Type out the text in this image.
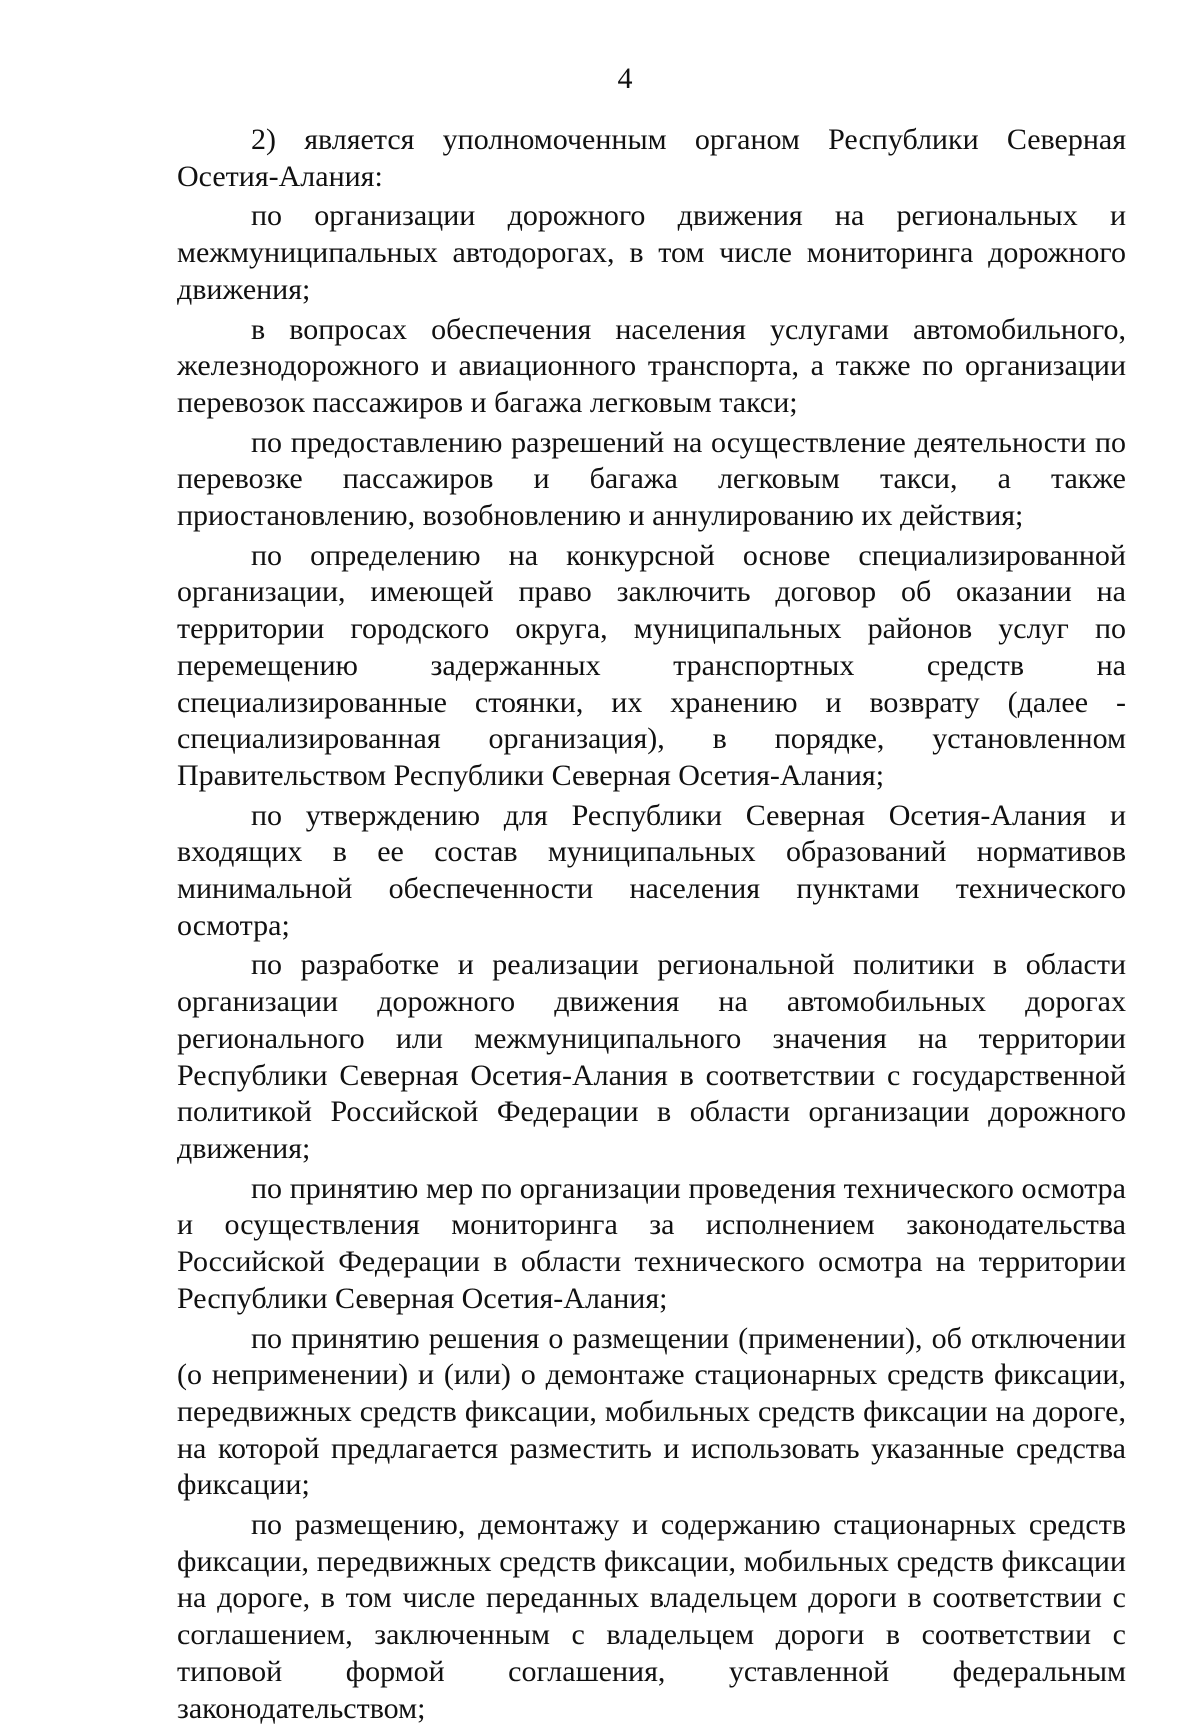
4

2) является уполномоченным органом Республики Северная Осетия-Алания:

по организации дорожного движения на региональных и межмуниципальных автодорогах, в том числе мониторинга дорожного движения;

в вопросах обеспечения населения услугами автомобильного, железнодорожного и авиационного транспорта, а также по организации перевозок пассажиров и багажа легковым такси;

по предоставлению разрешений на осуществление деятельности по перевозке пассажиров и багажа легковым такси, а также приостановлению, возобновлению и аннулированию их действия;

по определению на конкурсной основе специализированной организации, имеющей право заключить договор об оказании на территории городского округа, муниципальных районов услуг по перемещению задержанных транспортных средств на специализированные стоянки, их хранению и возврату (далее - специализированная организация), в порядке, установленном Правительством Республики Северная Осетия-Алания;

по утверждению для Республики Северная Осетия-Алания и входящих в ее состав муниципальных образований нормативов минимальной обеспеченности населения пунктами технического осмотра;

по разработке и реализации региональной политики в области организации дорожного движения на автомобильных дорогах регионального или межмуниципального значения на территории Республики Северная Осетия-Алания в соответствии с государственной политикой Российской Федерации в области организации дорожного движения;

по принятию мер по организации проведения технического осмотра и осуществления мониторинга за исполнением законодательства Российской Федерации в области технического осмотра на территории Республики Северная Осетия-Алания;

по принятию решения о размещении (применении), об отключении (о неприменении) и (или) о демонтаже стационарных средств фиксации, передвижных средств фиксации, мобильных средств фиксации на дороге, на которой предлагается разместить и использовать указанные средства фиксации;

по размещению, демонтажу и содержанию стационарных средств фиксации, передвижных средств фиксации, мобильных средств фиксации на дороге, в том числе переданных владельцем дороги в соответствии с соглашением, заключенным с владельцем дороги в соответствии с типовой формой соглашения, уставленной федеральным законодательством;
